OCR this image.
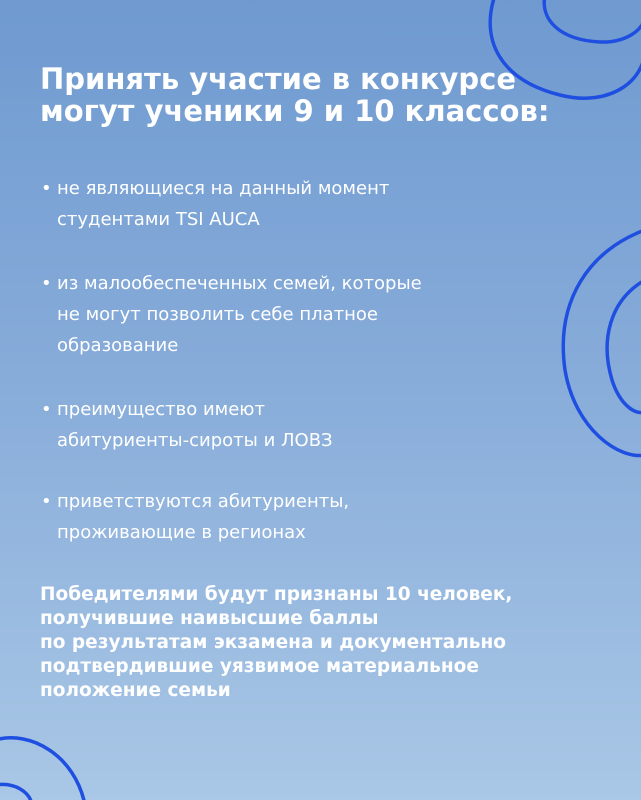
Принять участие в конкурсе
могут ученики 9 и 10 классов:
• не являющиеся на данный момент
студентами TSI AUCA
• из малообеспеченных семей, которые
не могут позволить себе платное
образование
• преимущество имеют
абитуриенты-сироты и ЛОВЗ
• приветствуются абитуриенты,
проживающие в регионах
Победителями будут признаны 10 человек,
получившие наивысшие баллы
по результатам экзамена и документально
подтвердившие уязвимое материальное
положение семьи
